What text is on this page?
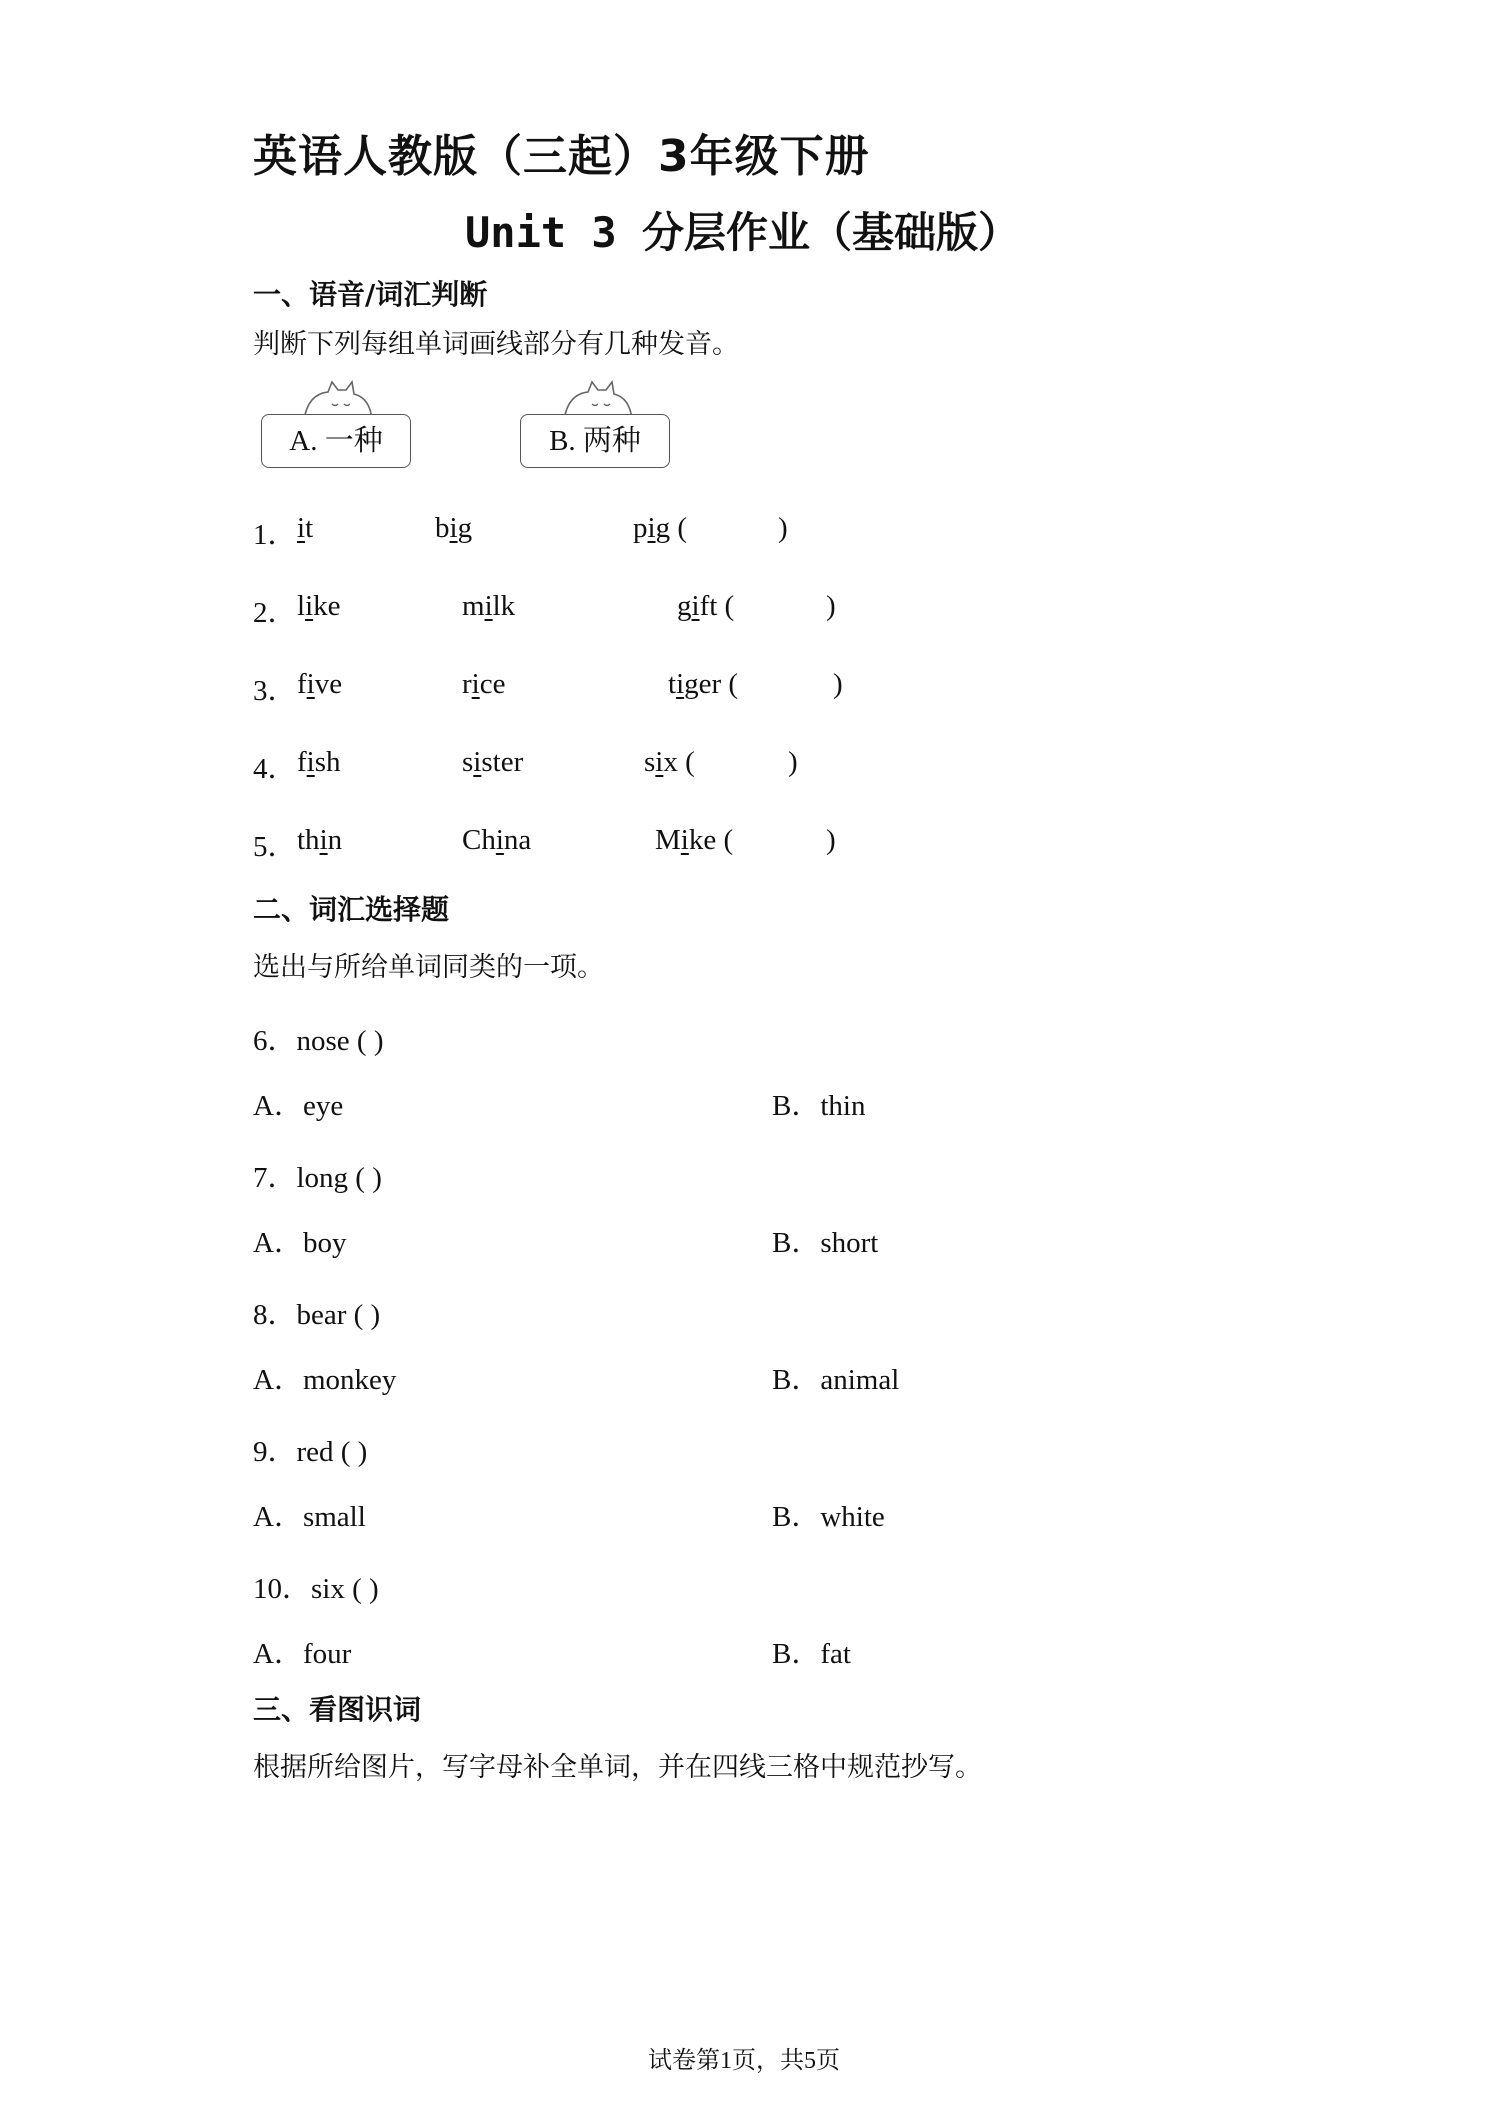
英语人教版（三起）3年级下册
Unit 3 分层作业（基础版）
一、语音/词汇判断
判断下列每组单词画线部分有几种发音。
A. 一种	B. 两种
1． it	big	pig (	)
2． like	milk	gift (	)
3． five	rice	tiger (	)
4． fish	sister	six (	)
5． thin	China	Mike (	)
二、词汇选择题
选出与所给单词同类的一项。
6．nose ( )
A．eye	B．thin
7．long ( )
A．boy	B．short
8．bear ( )
A．monkey	B．animal
9．red ( )
A．small	B．white
10．six ( )
A．four	B．fat
三、看图识词
根据所给图片，写字母补全单词，并在四线三格中规范抄写。
试卷第1页，共5页
